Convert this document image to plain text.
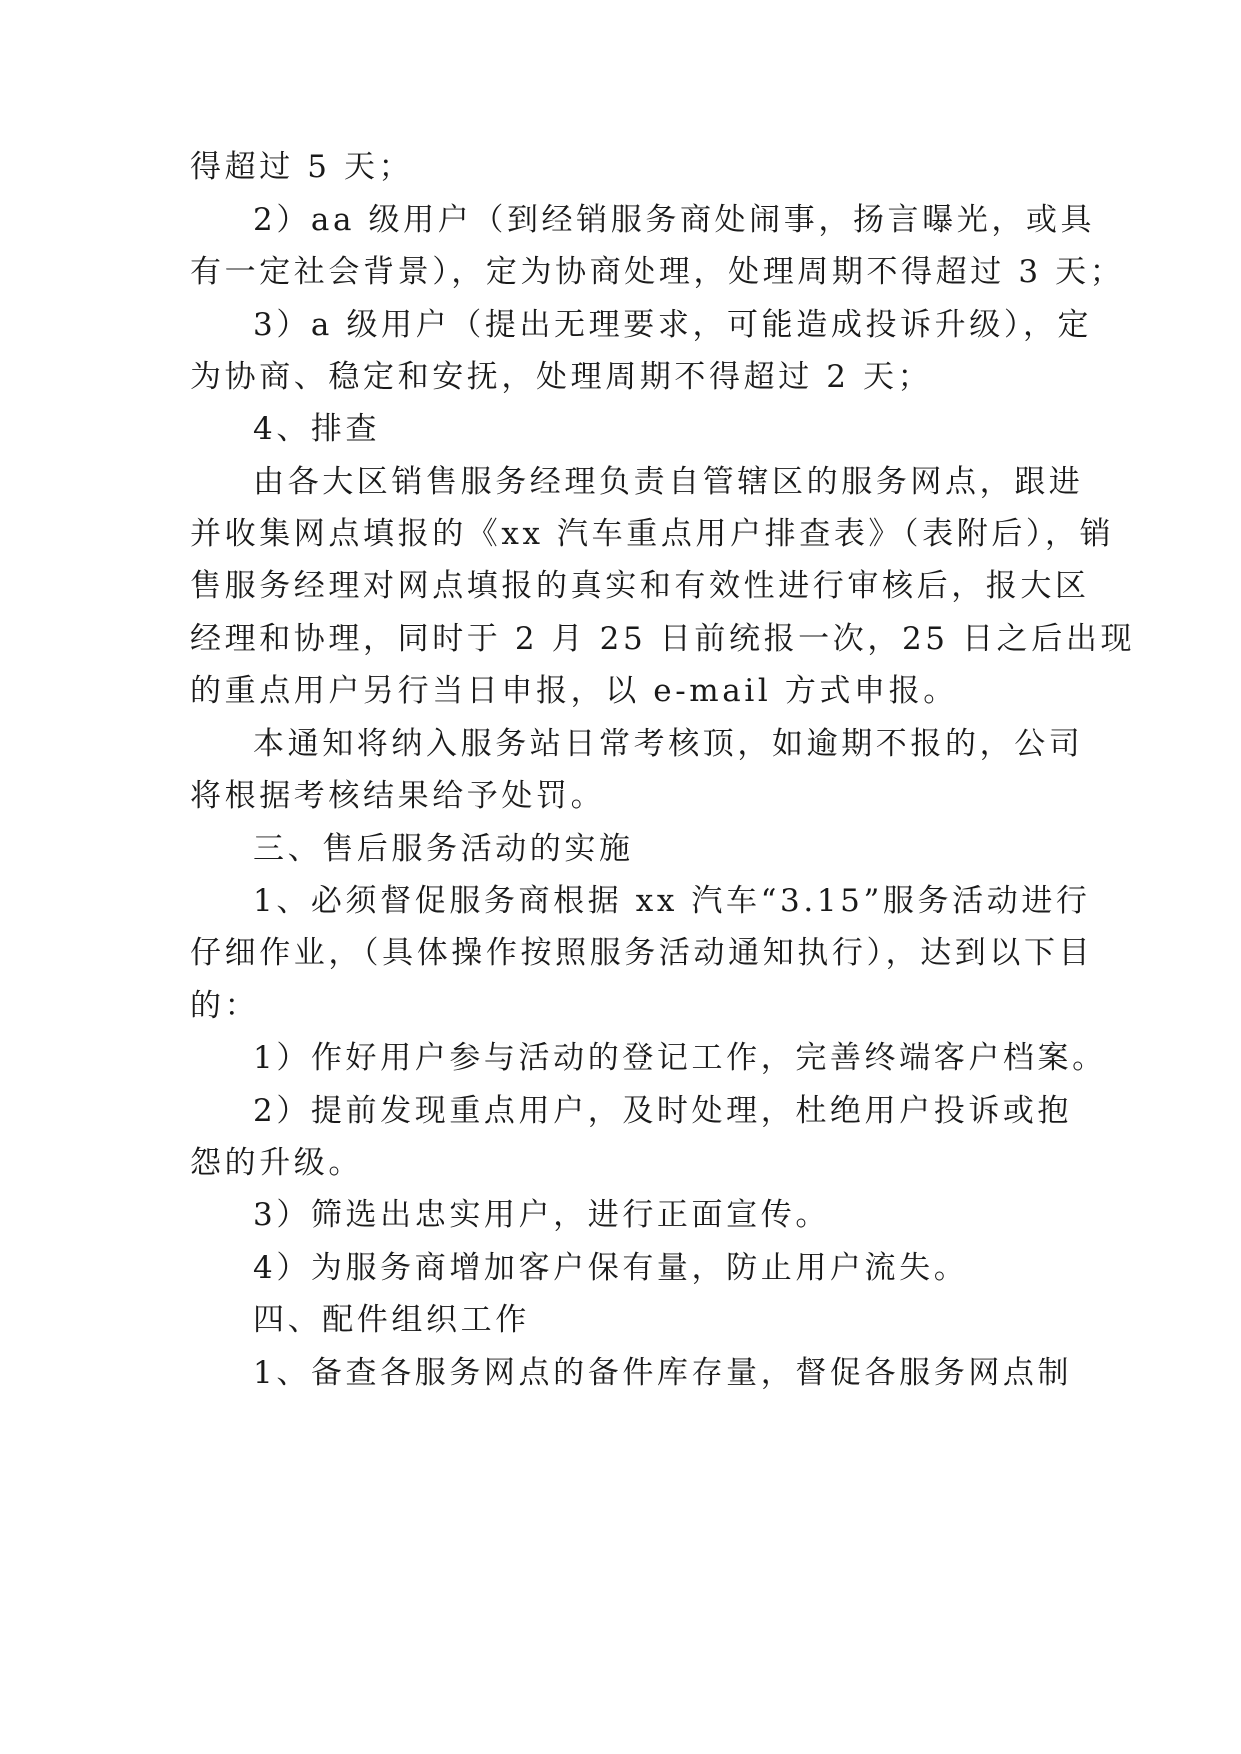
得超过 5 天；
2）aa 级用户（到经销服务商处闹事，扬言曝光，或具
有一定社会背景），定为协商处理，处理周期不得超过 3 天；
3）a 级用户（提出无理要求，可能造成投诉升级），定
为协商、稳定和安抚，处理周期不得超过 2 天；
4、排查
由各大区销售服务经理负责自管辖区的服务网点，跟进
并收集网点填报的《xx 汽车重点用户排查表》（表附后），销
售服务经理对网点填报的真实和有效性进行审核后，报大区
经理和协理，同时于 2 月 25 日前统报一次，25 日之后出现
的重点用户另行当日申报，以 e-mail 方式申报。
本通知将纳入服务站日常考核顶，如逾期不报的，公司
将根据考核结果给予处罚。
三、售后服务活动的实施
1、必须督促服务商根据 xx 汽车“3.15”服务活动进行
仔细作业，（具体操作按照服务活动通知执行），达到以下目
的：
1）作好用户参与活动的登记工作，完善终端客户档案。
2）提前发现重点用户，及时处理，杜绝用户投诉或抱
怨的升级。
3）筛选出忠实用户，进行正面宣传。
4）为服务商增加客户保有量，防止用户流失。
四、配件组织工作
1、备查各服务网点的备件库存量，督促各服务网点制
